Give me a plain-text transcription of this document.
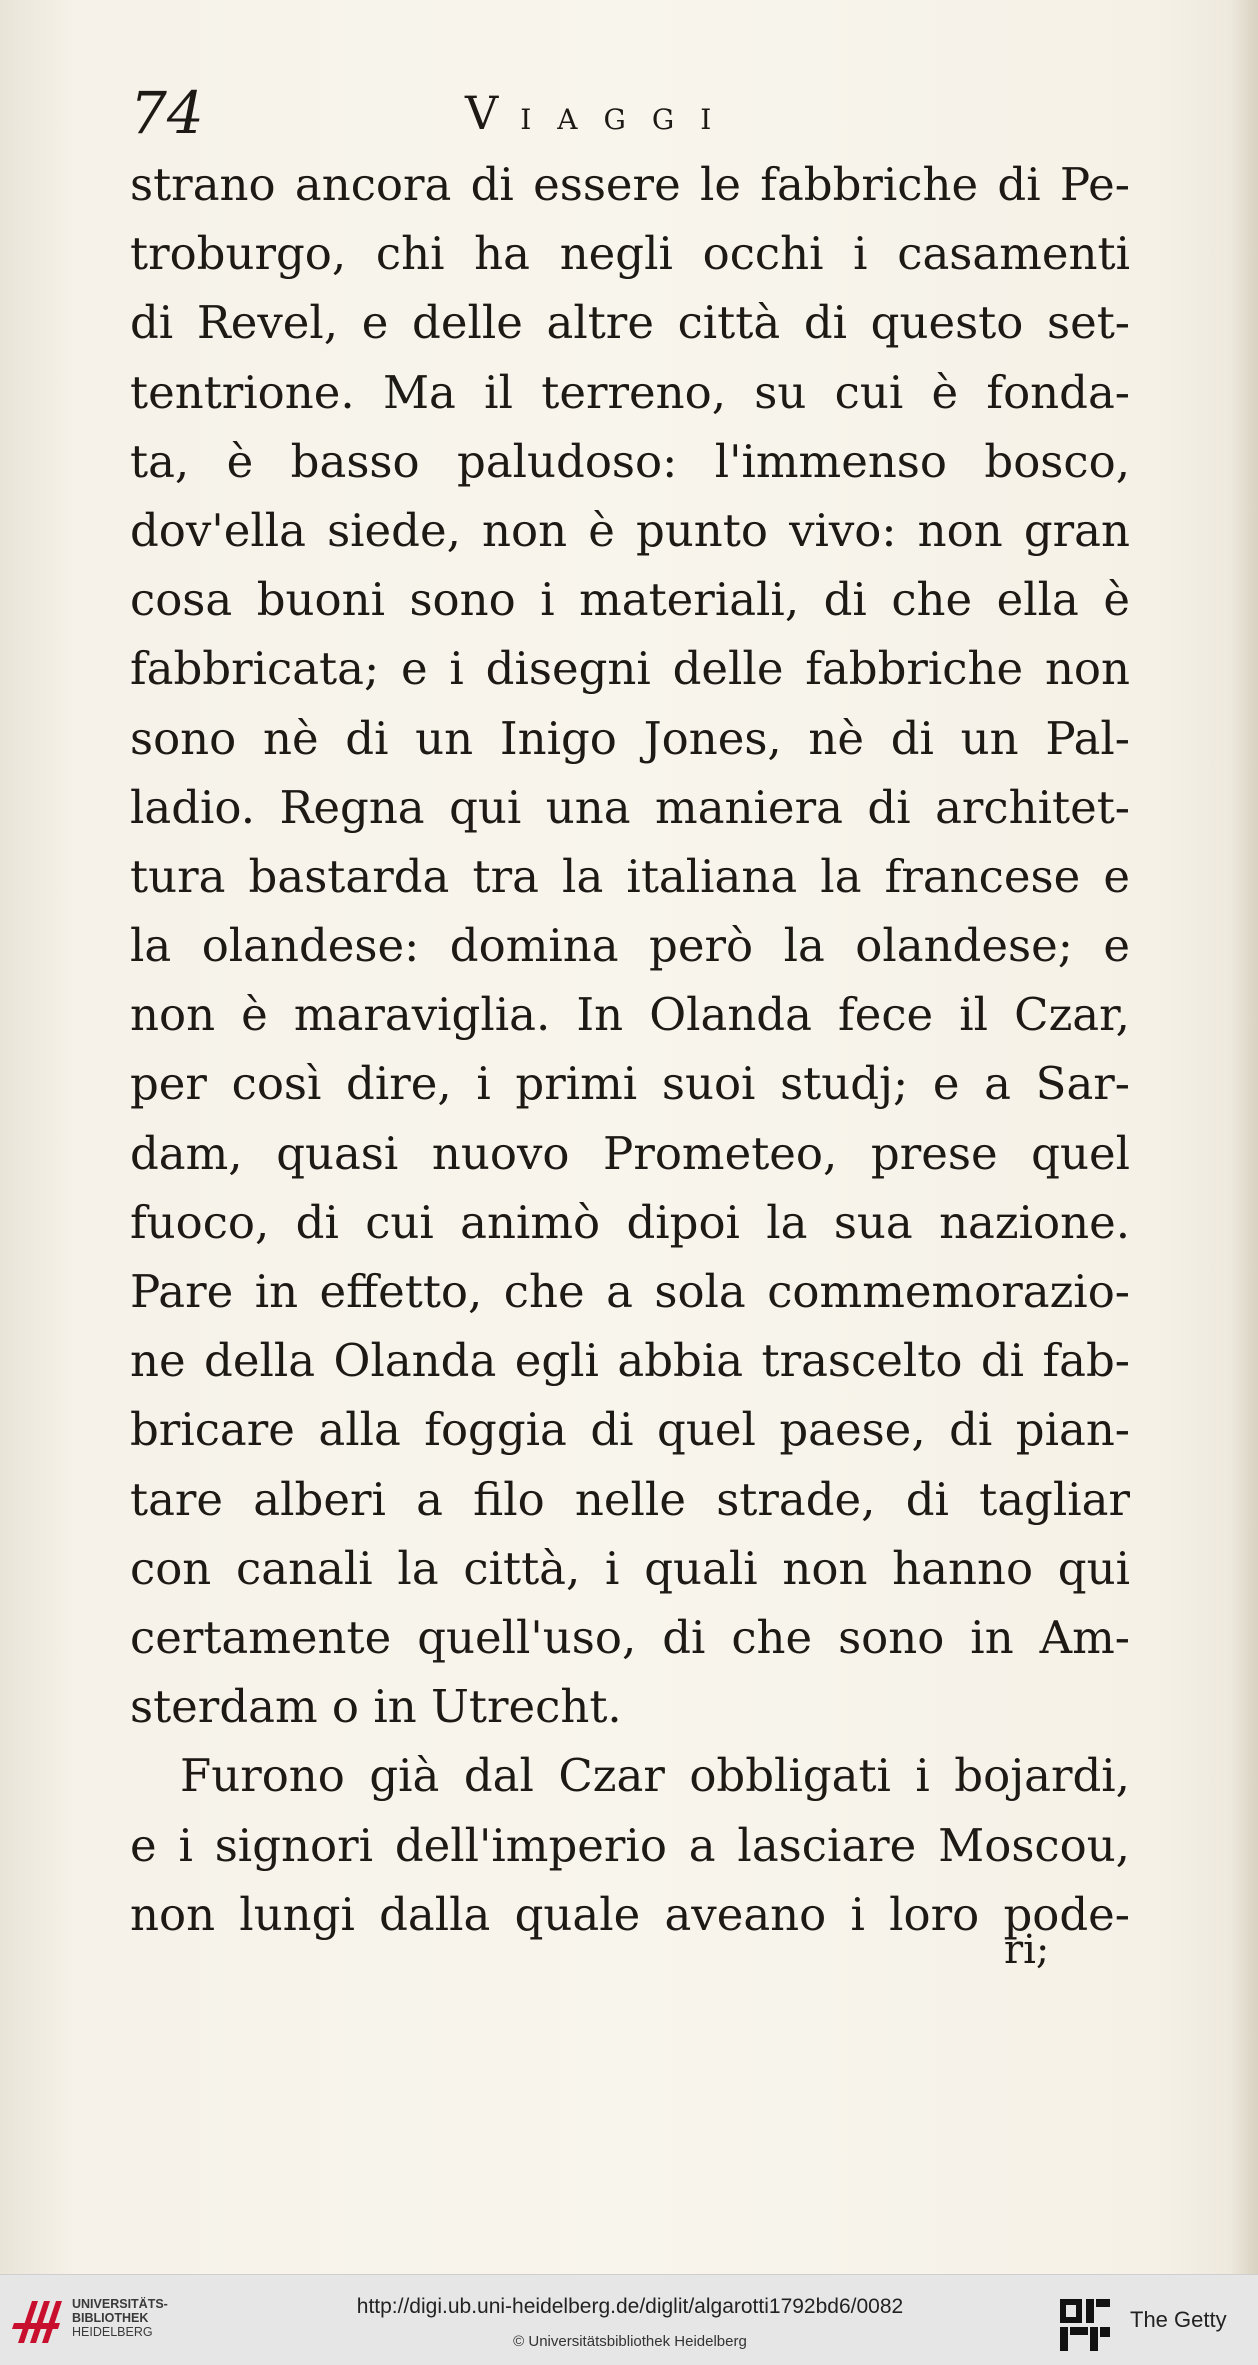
74	VIAGGI
strano ancora di essere le fabbriche di Pe-
troburgo, chi ha negli occhi i casamenti
di Revel, e delle altre città di questo set-
tentrione. Ma il terreno, su cui è fonda-
ta, è basso paludoso: l'immenso bosco,
dov'ella siede, non è punto vivo: non gran
cosa buoni sono i materiali, di che ella è
fabbricata; e i disegni delle fabbriche non
sono nè di un Inigo Jones, nè di un Pal-
ladio. Regna qui una maniera di architet-
tura bastarda tra la italiana la francese e
la olandese: domina però la olandese; e
non è maraviglia. In Olanda fece il Czar,
per così dire, i primi suoi studj; e a Sar-
dam, quasi nuovo Prometeo, prese quel
fuoco, di cui animò dipoi la sua nazione.
Pare in effetto, che a sola commemorazio-
ne della Olanda egli abbia trascelto di fab-
bricare alla foggia di quel paese, di pian-
tare alberi a filo nelle strade, di tagliar
con canali la città, i quali non hanno qui
certamente quell'uso, di che sono in Am-
sterdam o in Utrecht.
Furono già dal Czar obbligati i bojardi,
e i signori dell'imperio a lasciare Moscou,
non lungi dalla quale aveano i loro pode-
ri;
UNIVERSITÄTS-
BIBLIOTHEK
HEIDELBERG
http://digi.ub.uni-heidelberg.de/diglit/algarotti1792bd6/0082
© Universitätsbibliothek Heidelberg
The Getty
